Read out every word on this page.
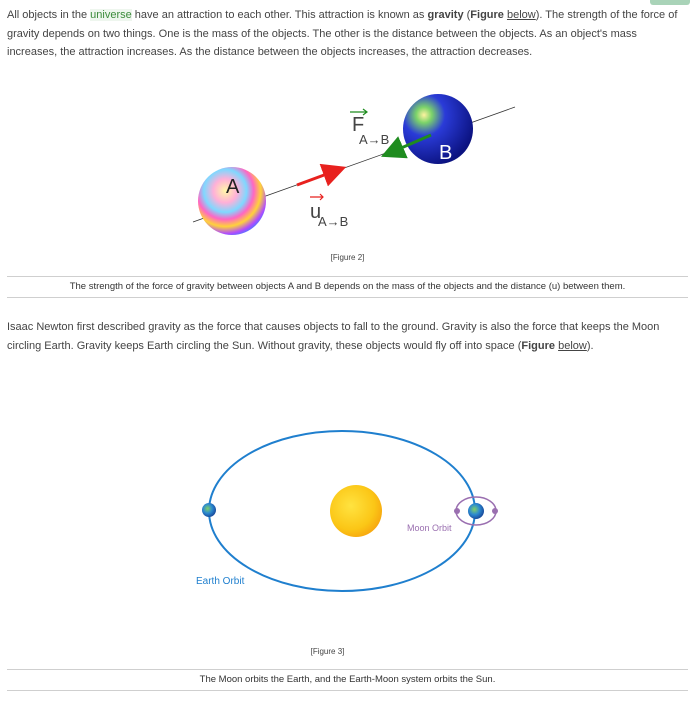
All objects in the universe have an attraction to each other. This attraction is known as gravity (Figure below). The strength of the force of gravity depends on two things. One is the mass of the objects. The other is the distance between the objects. As an object's mass increases, the attraction increases. As the distance between the objects increases, the attraction decreases.

A
B
F
A→B
u
A→B
[Figure 2]
The strength of the force of gravity between objects A and B depends on the mass of the objects and the distance (u) between them.

Isaac Newton first described gravity as the force that causes objects to fall to the ground. Gravity is also the force that keeps the Moon circling Earth. Gravity keeps Earth circling the Sun. Without gravity, these objects would fly off into space (Figure below).

Moon Orbit
Earth Orbit
[Figure 3]
The Moon orbits the Earth, and the Earth-Moon system orbits the Sun.
